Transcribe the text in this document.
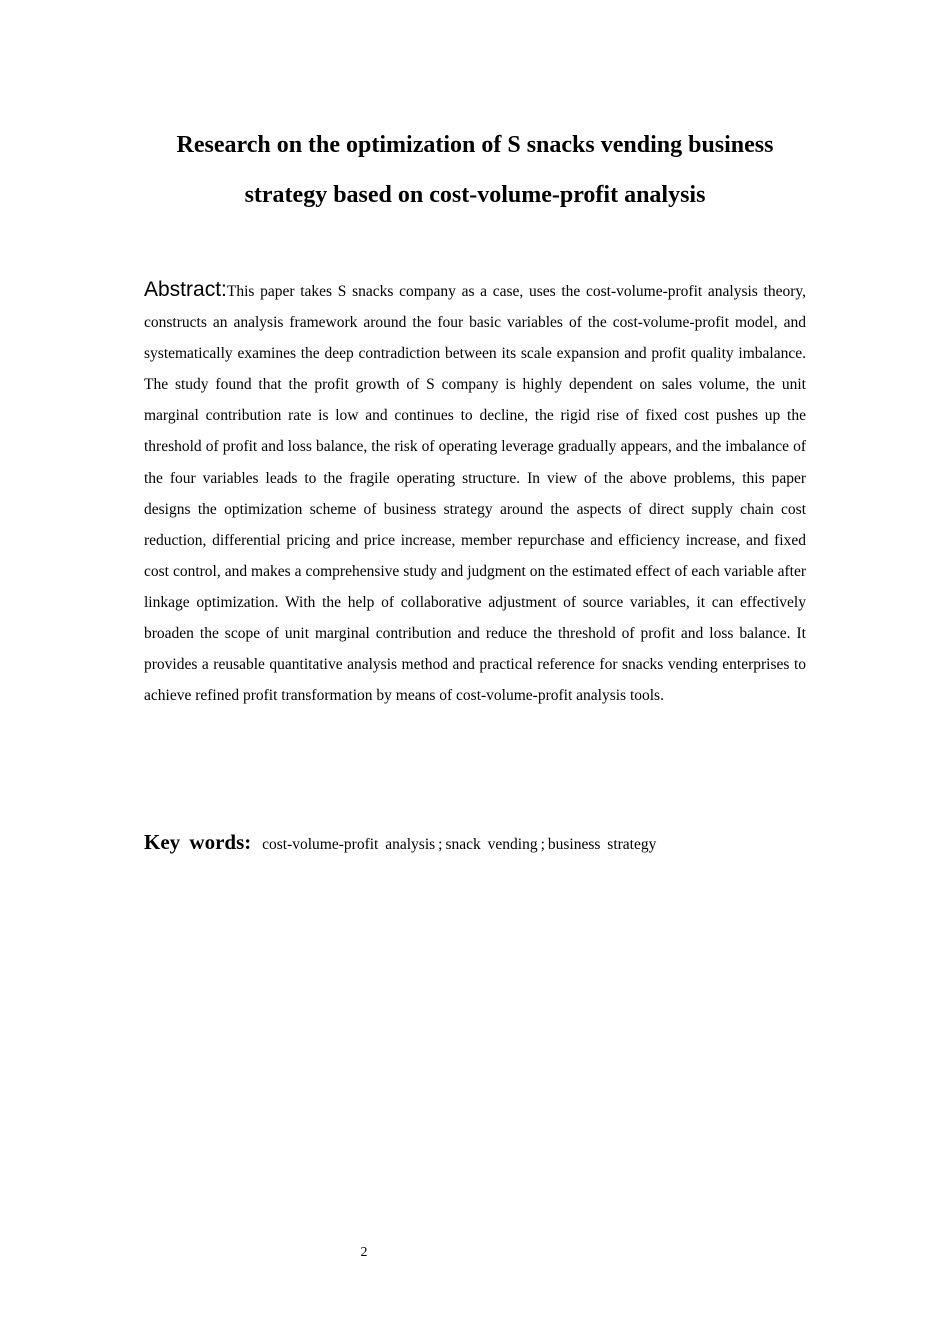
Research on the optimization of S snacks vending business strategy based on cost-volume-profit analysis

Abstract:This paper takes S snacks company as a case, uses the cost-volume-profit analysis theory, constructs an analysis framework around the four basic variables of the cost-volume-profit model, and systematically examines the deep contradiction between its scale expansion and profit quality imbalance. The study found that the profit growth of S company is highly dependent on sales volume, the unit marginal contribution rate is low and continues to decline, the rigid rise of fixed cost pushes up the threshold of profit and loss balance, the risk of operating leverage gradually appears, and the imbalance of the four variables leads to the fragile operating structure. In view of the above problems, this paper designs the optimization scheme of business strategy around the aspects of direct supply chain cost reduction, differential pricing and price increase, member repurchase and efficiency increase, and fixed cost control, and makes a comprehensive study and judgment on the estimated effect of each variable after linkage optimization. With the help of collaborative adjustment of source variables, it can effectively broaden the scope of unit marginal contribution and reduce the threshold of profit and loss balance. It provides a reusable quantitative analysis method and practical reference for snacks vending enterprises to achieve refined profit transformation by means of cost-volume-profit analysis tools.

Key words: cost-volume-profit analysis ; snack vending ; business strategy

2
